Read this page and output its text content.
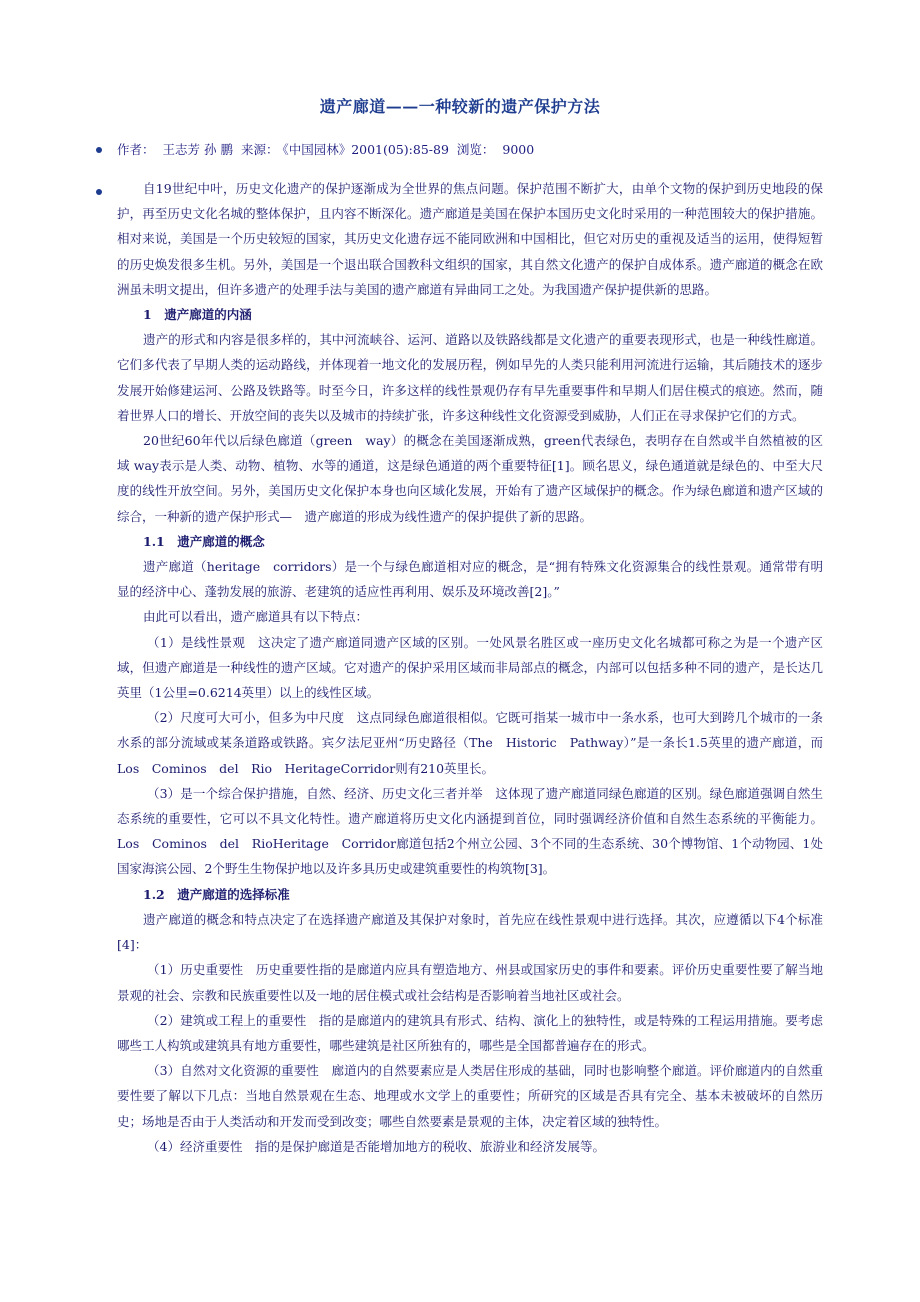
遗产廊道——一种较新的遗产保护方法
作者： 王志芳 孙 鹏 来源： 《中国园林》2001(05):85-89 浏览： 9000

自19世纪中叶，历史文化遗产的保护逐渐成为全世界的焦点问题。保护范围不断扩大，由单个文物的保护到历史地段的保护，再至历史文化名城的整体保护，且内容不断深化。遗产廊道是美国在保护本国历史文化时采用的一种范围较大的保护措施。相对来说，美国是一个历史较短的国家，其历史文化遗存远不能同欧洲和中国相比，但它对历史的重视及适当的运用，使得短暂的历史焕发很多生机。另外，美国是一个退出联合国教科文组织的国家，其自然文化遗产的保护自成体系。遗产廊道的概念在欧洲虽未明文提出，但许多遗产的处理手法与美国的遗产廊道有异曲同工之处。为我国遗产保护提供新的思路。

1　遗产廊道的内涵

遗产的形式和内容是很多样的，其中河流峡谷、运河、道路以及铁路线都是文化遗产的重要表现形式，也是一种线性廊道。它们多代表了早期人类的运动路线，并体现着一地文化的发展历程，例如早先的人类只能利用河流进行运输，其后随技术的逐步发展开始修建运河、公路及铁路等。时至今日，许多这样的线性景观仍存有早先重要事件和早期人们居住模式的痕迹。然而，随着世界人口的增长、开放空间的丧失以及城市的持续扩张，许多这种线性文化资源受到威胁，人们正在寻求保护它们的方式。

20世纪60年代以后绿色廊道（green　way）的概念在美国逐渐成熟，green代表绿色，表明存在自然或半自然植被的区域 way表示是人类、动物、植物、水等的通道，这是绿色通道的两个重要特征[1]。顾名思义，绿色通道就是绿色的、中至大尺度的线性开放空间。另外，美国历史文化保护本身也向区域化发展，开始有了遗产区域保护的概念。作为绿色廊道和遗产区域的综合，一种新的遗产保护形式—　遗产廊道的形成为线性遗产的保护提供了新的思路。

1.1　遗产廊道的概念

遗产廊道（heritage　corridors）是一个与绿色廊道相对应的概念，是“拥有特殊文化资源集合的线性景观。通常带有明显的经济中心、蓬勃发展的旅游、老建筑的适应性再利用、娱乐及环境改善[2]。”

由此可以看出，遗产廊道具有以下特点：

（1）是线性景观　这决定了遗产廊道同遗产区域的区别。一处风景名胜区或一座历史文化名城都可称之为是一个遗产区域，但遗产廊道是一种线性的遗产区域。它对遗产的保护采用区域而非局部点的概念，内部可以包括多种不同的遗产，是长达几英里（1公里=0.6214英里）以上的线性区域。

（2）尺度可大可小，但多为中尺度　这点同绿色廊道很相似。它既可指某一城市中一条水系，也可大到跨几个城市的一条水系的部分流域或某条道路或铁路。宾夕法尼亚州“历史路径（The　Historic　Pathway）”是一条长1.5英里的遗产廊道，而Los　Cominos　del　Rio　HeritageCorridor则有210英里长。

（3）是一个综合保护措施，自然、经济、历史文化三者并举　这体现了遗产廊道同绿色廊道的区别。绿色廊道强调自然生态系统的重要性，它可以不具文化特性。遗产廊道将历史文化内涵提到首位，同时强调经济价值和自然生态系统的平衡能力。Los　Cominos　del　RioHeritage　Corridor廊道包括2个州立公园、3个不同的生态系统、30个博物馆、1个动物园、1处国家海滨公园、2个野生生物保护地以及许多具历史或建筑重要性的构筑物[3]。

1.2　遗产廊道的选择标准

遗产廊道的概念和特点决定了在选择遗产廊道及其保护对象时，首先应在线性景观中进行选择。其次，应遵循以下4个标准[4]：

（1）历史重要性　历史重要性指的是廊道内应具有塑造地方、州县或国家历史的事件和要素。评价历史重要性要了解当地景观的社会、宗教和民族重要性以及一地的居住模式或社会结构是否影响着当地社区或社会。

（2）建筑或工程上的重要性　指的是廊道内的建筑具有形式、结构、演化上的独特性，或是特殊的工程运用措施。要考虑哪些工人构筑或建筑具有地方重要性，哪些建筑是社区所独有的，哪些是全国都普遍存在的形式。

（3）自然对文化资源的重要性　廊道内的自然要素应是人类居住形成的基础，同时也影响整个廊道。评价廊道内的自然重要性要了解以下几点：当地自然景观在生态、地理或水文学上的重要性；所研究的区域是否具有完全、基本未被破坏的自然历史；场地是否由于人类活动和开发而受到改变；哪些自然要素是景观的主体，决定着区域的独特性。

（4）经济重要性　指的是保护廊道是否能增加地方的税收、旅游业和经济发展等。
